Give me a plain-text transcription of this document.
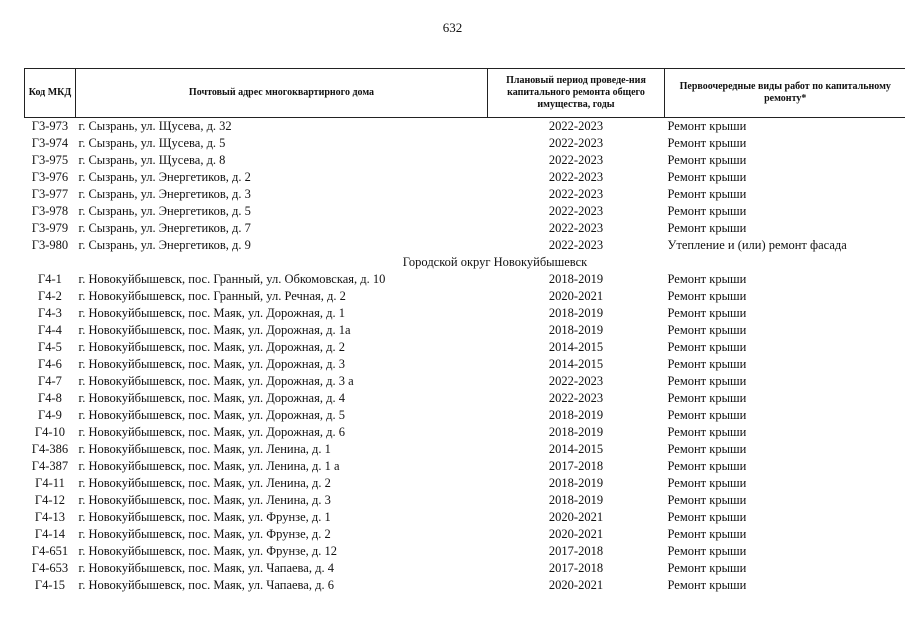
632
Код МКД	Почтовый адрес многоквартирного дома	Плановый период проведе-ния капитального ремонта общего имущества, годы	Первоочередные виды работ по капитальному ремонту*
Г3-973	г. Сызрань, ул. Щусева, д. 32	2022-2023	Ремонт крыши
Г3-974	г. Сызрань, ул. Щусева, д. 5	2022-2023	Ремонт крыши
Г3-975	г. Сызрань, ул. Щусева, д. 8	2022-2023	Ремонт крыши
Г3-976	г. Сызрань, ул. Энергетиков, д. 2	2022-2023	Ремонт крыши
Г3-977	г. Сызрань, ул. Энергетиков, д. 3	2022-2023	Ремонт крыши
Г3-978	г. Сызрань, ул. Энергетиков, д. 5	2022-2023	Ремонт крыши
Г3-979	г. Сызрань, ул. Энергетиков, д. 7	2022-2023	Ремонт крыши
Г3-980	г. Сызрань, ул. Энергетиков, д. 9	2022-2023	Утепление и (или) ремонт фасада
Городской округ Новокуйбышевск			
Г4-1	г. Новокуйбышевск, пос. Гранный, ул. Обкомовская, д. 10	2018-2019	Ремонт крыши
Г4-2	г. Новокуйбышевск, пос. Гранный, ул. Речная, д. 2	2020-2021	Ремонт крыши
Г4-3	г. Новокуйбышевск, пос. Маяк, ул. Дорожная, д. 1	2018-2019	Ремонт крыши
Г4-4	г. Новокуйбышевск, пос. Маяк, ул. Дорожная, д. 1а	2018-2019	Ремонт крыши
Г4-5	г. Новокуйбышевск, пос. Маяк, ул. Дорожная, д. 2	2014-2015	Ремонт крыши
Г4-6	г. Новокуйбышевск, пос. Маяк, ул. Дорожная, д. 3	2014-2015	Ремонт крыши
Г4-7	г. Новокуйбышевск, пос. Маяк, ул. Дорожная, д. 3 а	2022-2023	Ремонт крыши
Г4-8	г. Новокуйбышевск, пос. Маяк, ул. Дорожная, д. 4	2022-2023	Ремонт крыши
Г4-9	г. Новокуйбышевск, пос. Маяк, ул. Дорожная, д. 5	2018-2019	Ремонт крыши
Г4-10	г. Новокуйбышевск, пос. Маяк, ул. Дорожная, д. 6	2018-2019	Ремонт крыши
Г4-386	г. Новокуйбышевск, пос. Маяк, ул. Ленина, д. 1	2014-2015	Ремонт крыши
Г4-387	г. Новокуйбышевск, пос. Маяк, ул. Ленина, д. 1 а	2017-2018	Ремонт крыши
Г4-11	г. Новокуйбышевск, пос. Маяк, ул. Ленина, д. 2	2018-2019	Ремонт крыши
Г4-12	г. Новокуйбышевск, пос. Маяк, ул. Ленина, д. 3	2018-2019	Ремонт крыши
Г4-13	г. Новокуйбышевск, пос. Маяк, ул. Фрунзе, д. 1	2020-2021	Ремонт крыши
Г4-14	г. Новокуйбышевск, пос. Маяк, ул. Фрунзе, д. 2	2020-2021	Ремонт крыши
Г4-651	г. Новокуйбышевск, пос. Маяк, ул. Фрунзе, д. 12	2017-2018	Ремонт крыши
Г4-653	г. Новокуйбышевск, пос. Маяк, ул. Чапаева, д. 4	2017-2018	Ремонт крыши
Г4-15	г. Новокуйбышевск, пос. Маяк, ул. Чапаева, д. 6	2020-2021	Ремонт крыши
